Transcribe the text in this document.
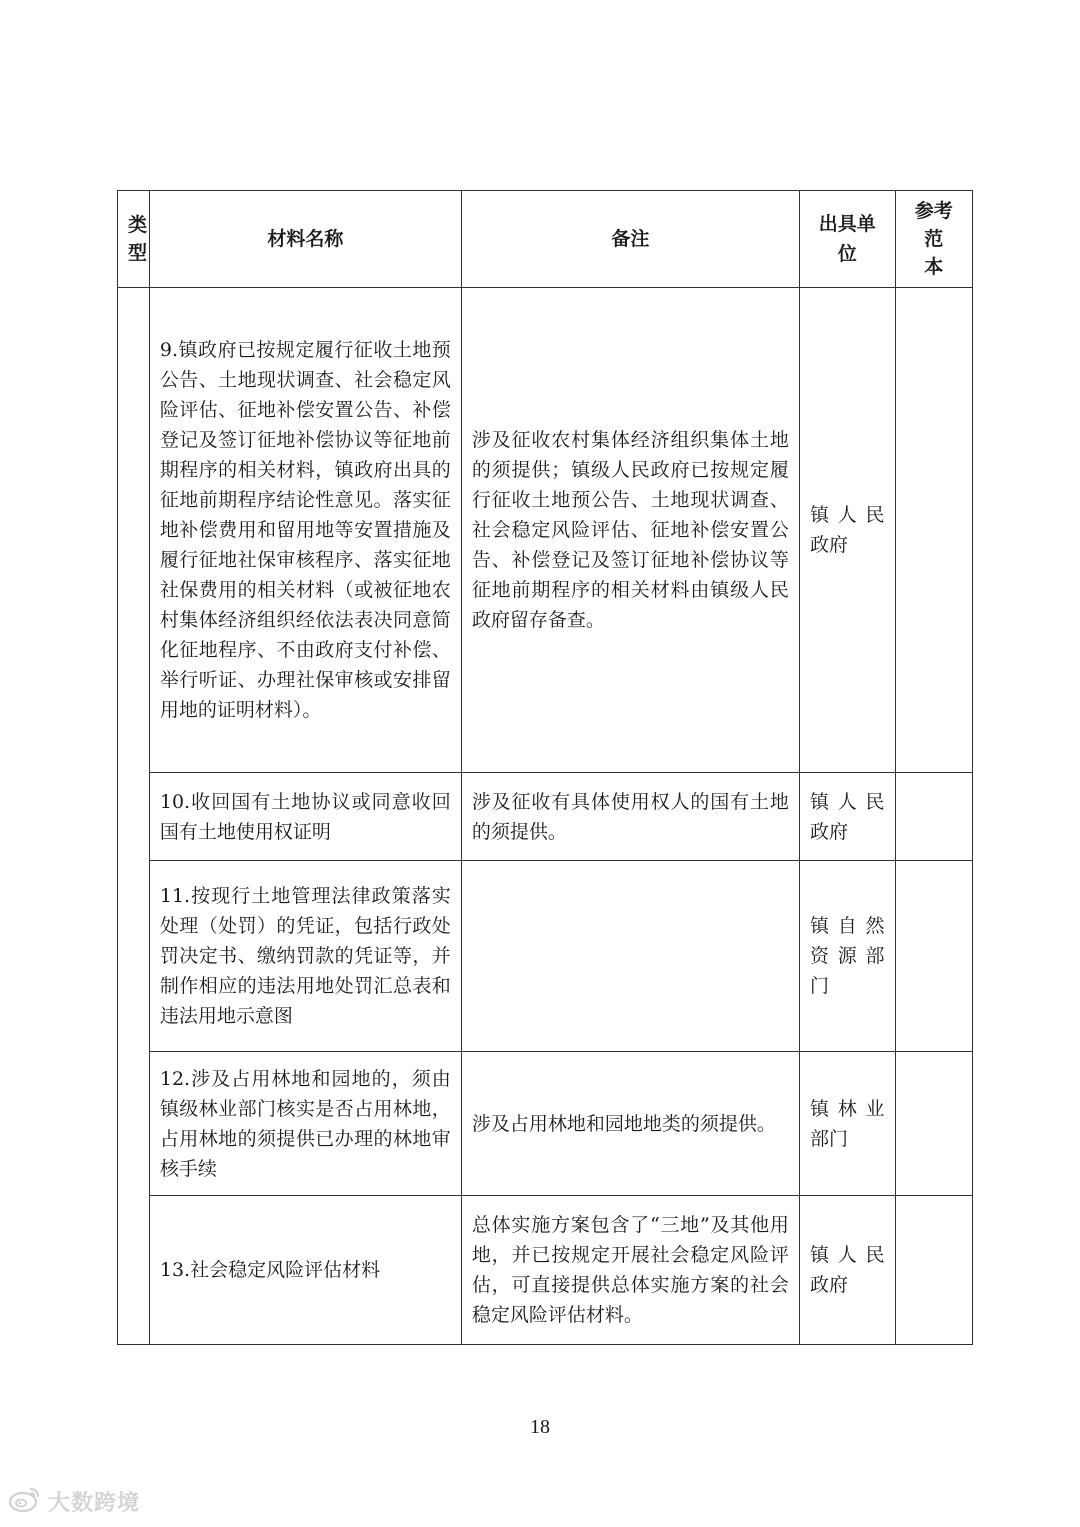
类
型	材料名称	备注	出具单位	参考范
本
	9.镇政府已按规定履行征收土地预公告、土地现状调查、社会稳定风险评估、征地补偿安置公告、补偿登记及签订征地补偿协议等征地前期程序的相关材料，镇政府出具的征地前期程序结论性意见。落实征地补偿费用和留用地等安置措施及履行征地社保审核程序、落实征地社保费用的相关材料（或被征地农村集体经济组织经依法表决同意简化征地程序、不由政府支付补偿、举行听证、办理社保审核或安排留用地的证明材料）。	涉及征收农村集体经济组织集体土地的须提供；镇级人民政府已按规定履行征收土地预公告、土地现状调查、社会稳定风险评估、征地补偿安置公告、补偿登记及签订征地补偿协议等征地前期程序的相关材料由镇级人民政府留存备查。	镇人民政府	
	10.收回国有土地协议或同意收回国有土地使用权证明	涉及征收有具体使用权人的国有土地的须提供。	镇人民政府	
	11.按现行土地管理法律政策落实处理（处罚）的凭证，包括行政处罚决定书、缴纳罚款的凭证等，并制作相应的违法用地处罚汇总表和违法用地示意图		镇自然资源部门	
	12.涉及占用林地和园地的，须由镇级林业部门核实是否占用林地，占用林地的须提供已办理的林地审核手续	涉及占用林地和园地地类的须提供。	镇林业部门	
	13.社会稳定风险评估材料	总体实施方案包含了“三地”及其他用地，并已按规定开展社会稳定风险评估，可直接提供总体实施方案的社会稳定风险评估材料。	镇人民政府	
18
大数跨境
